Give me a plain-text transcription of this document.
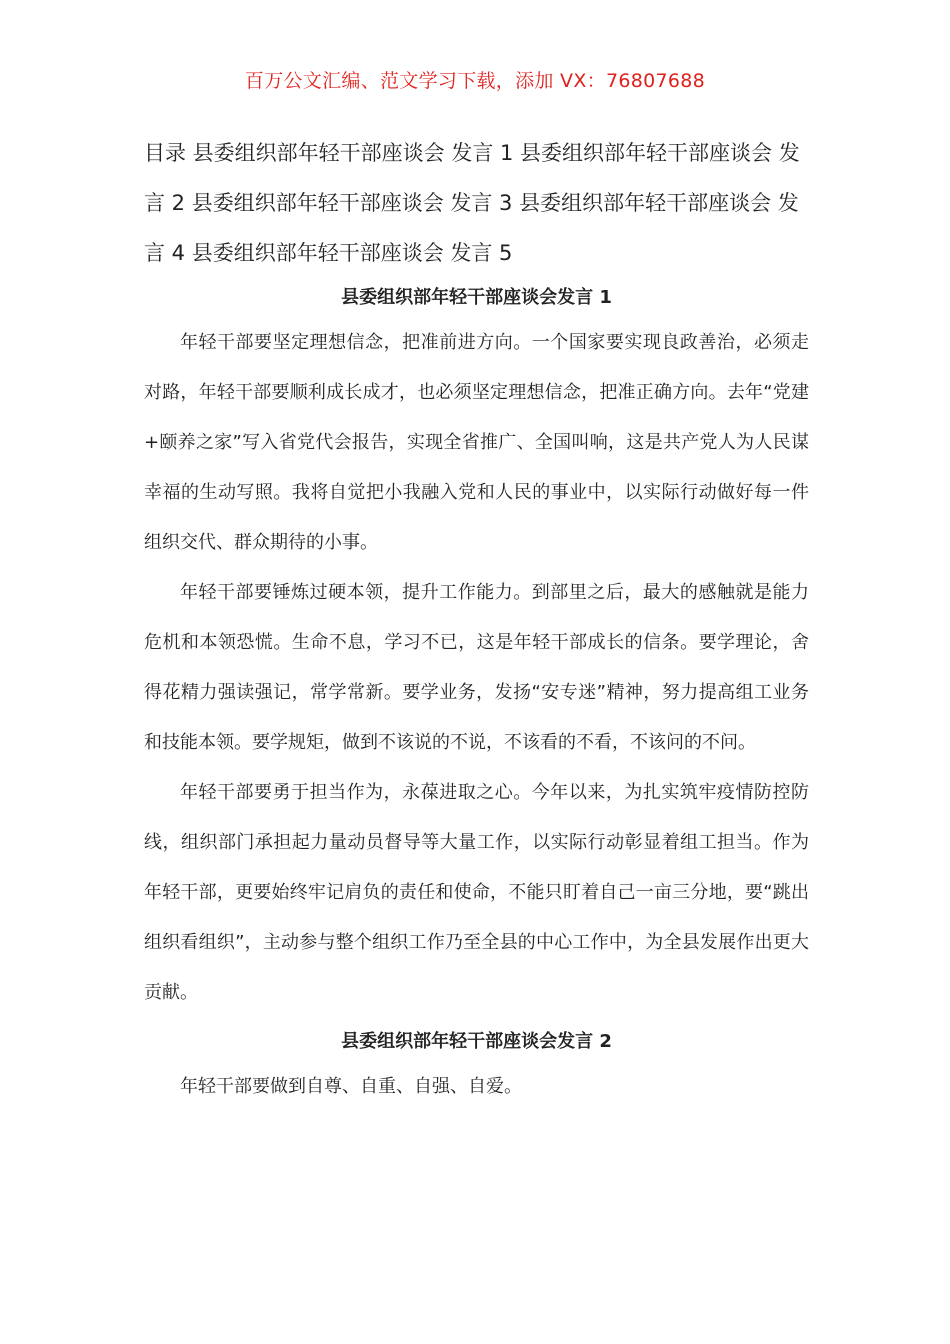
百万公文汇编、范文学习下载，添加 VX：76807688
目录 县委组织部年轻干部座谈会 发言 1 县委组织部年轻干部座谈会 发言 2 县委组织部年轻干部座谈会 发言 3 县委组织部年轻干部座谈会 发言 4 县委组织部年轻干部座谈会 发言 5
县委组织部年轻干部座谈会发言 1

年轻干部要坚定理想信念，把准前进方向。一个国家要实现良政善治，必须走对路，年轻干部要顺利成长成才，也必须坚定理想信念，把准正确方向。去年“党建+颐养之家”写入省党代会报告，实现全省推广、全国叫响，这是共产党人为人民谋幸福的生动写照。我将自觉把小我融入党和人民的事业中，以实际行动做好每一件组织交代、群众期待的小事。

年轻干部要锤炼过硬本领，提升工作能力。到部里之后，最大的感触就是能力危机和本领恐慌。生命不息，学习不已，这是年轻干部成长的信条。要学理论，舍得花精力强读强记，常学常新。要学业务，发扬“安专迷”精神，努力提高组工业务和技能本领。要学规矩，做到不该说的不说，不该看的不看，不该问的不问。

年轻干部要勇于担当作为，永葆进取之心。今年以来，为扎实筑牢疫情防控防线，组织部门承担起力量动员督导等大量工作，以实际行动彰显着组工担当。作为年轻干部，更要始终牢记肩负的责任和使命，不能只盯着自己一亩三分地，要“跳出组织看组织”，主动参与整个组织工作乃至全县的中心工作中，为全县发展作出更大贡献。

县委组织部年轻干部座谈会发言 2

年轻干部要做到自尊、自重、自强、自爱。
